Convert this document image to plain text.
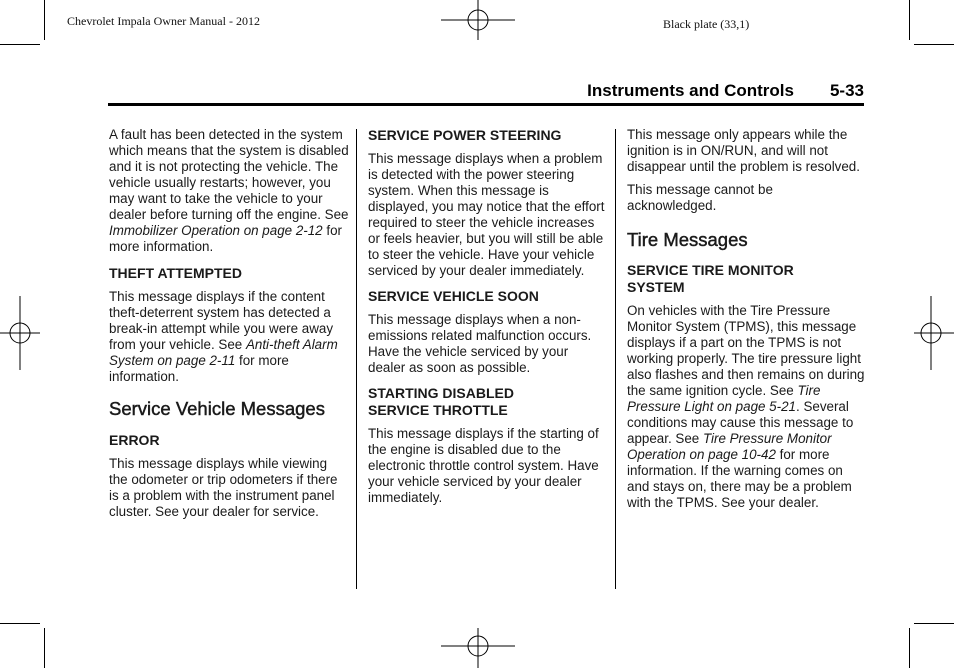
Chevrolet Impala Owner Manual - 2012	Black plate (33,1)
Instruments and Controls 5-33

A fault has been detected in the system which means that the system is disabled and it is not protecting the vehicle. The vehicle usually restarts; however, you may want to take the vehicle to your dealer before turning off the engine. See Immobilizer Operation on page 2-12 for more information.

THEFT ATTEMPTED

This message displays if the content theft-deterrent system has detected a break-in attempt while you were away from your vehicle. See Anti-theft Alarm System on page 2-11 for more information.

Service Vehicle Messages
ERROR

This message displays while viewing the odometer or trip odometers if there is a problem with the instrument panel cluster. See your dealer for service.

SERVICE POWER STEERING

This message displays when a problem is detected with the power steering system. When this message is displayed, you may notice that the effort required to steer the vehicle increases or feels heavier, but you will still be able to steer the vehicle. Have your vehicle serviced by your dealer immediately.

SERVICE VEHICLE SOON

This message displays when a non-emissions related malfunction occurs. Have the vehicle serviced by your dealer as soon as possible.

STARTING DISABLED SERVICE THROTTLE

This message displays if the starting of the engine is disabled due to the electronic throttle control system. Have your vehicle serviced by your dealer immediately.

This message only appears while the ignition is in ON/RUN, and will not disappear until the problem is resolved.

This message cannot be acknowledged.

Tire Messages
SERVICE TIRE MONITOR SYSTEM

On vehicles with the Tire Pressure Monitor System (TPMS), this message displays if a part on the TPMS is not working properly. The tire pressure light also flashes and then remains on during the same ignition cycle. See Tire Pressure Light on page 5-21. Several conditions may cause this message to appear. See Tire Pressure Monitor Operation on page 10-42 for more information. If the warning comes on and stays on, there may be a problem with the TPMS. See your dealer.
